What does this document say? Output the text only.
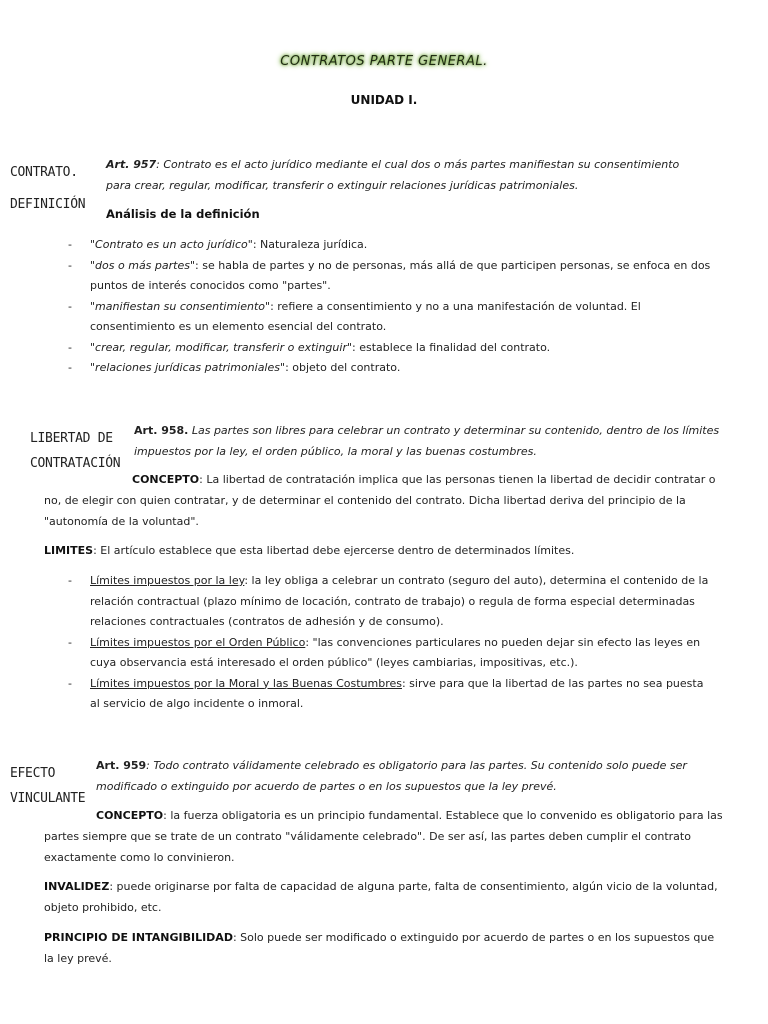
CONTRATOS PARTE GENERAL.
UNIDAD I.
CONTRATO.
DEFINICIÓN
Art. 957: Contrato es el acto jurídico mediante el cual dos o más partes manifiestan su consentimiento para crear, regular, modificar, transferir o extinguir relaciones jurídicas patrimoniales.
Análisis de la definición
- "Contrato es un acto jurídico": Naturaleza jurídica.
- "dos o más partes": se habla de partes y no de personas, más allá de que participen personas, se enfoca en dos puntos de interés conocidos como "partes".
- "manifiestan su consentimiento": refiere a consentimiento y no a una manifestación de voluntad. El consentimiento es un elemento esencial del contrato.
- "crear, regular, modificar, transferir o extinguir": establece la finalidad del contrato.
- "relaciones jurídicas patrimoniales": objeto del contrato.
LIBERTAD DE
CONTRATACIÓN
Art. 958. Las partes son libres para celebrar un contrato y determinar su contenido, dentro de los límites impuestos por la ley, el orden público, la moral y las buenas costumbres.
CONCEPTO: La libertad de contratación implica que las personas tienen la libertad de decidir contratar o no, de elegir con quien contratar, y de determinar el contenido del contrato. Dicha libertad deriva del principio de la "autonomía de la voluntad".
LIMITES: El artículo establece que esta libertad debe ejercerse dentro de determinados límites.
- Límites impuestos por la ley: la ley obliga a celebrar un contrato (seguro del auto), determina el contenido de la relación contractual (plazo mínimo de locación, contrato de trabajo) o regula de forma especial determinadas relaciones contractuales (contratos de adhesión y de consumo).
- Límites impuestos por el Orden Público: "las convenciones particulares no pueden dejar sin efecto las leyes en cuya observancia está interesado el orden público" (leyes cambiarias, impositivas, etc.).
- Límites impuestos por la Moral y las Buenas Costumbres: sirve para que la libertad de las partes no sea puesta al servicio de algo incidente o inmoral.
EFECTO
VINCULANTE
Art. 959: Todo contrato válidamente celebrado es obligatorio para las partes. Su contenido solo puede ser modificado o extinguido por acuerdo de partes o en los supuestos que la ley prevé.
CONCEPTO: la fuerza obligatoria es un principio fundamental. Establece que lo convenido es obligatorio para las partes siempre que se trate de un contrato "válidamente celebrado". De ser así, las partes deben cumplir el contrato exactamente como lo convinieron.
INVALIDEZ: puede originarse por falta de capacidad de alguna parte, falta de consentimiento, algún vicio de la voluntad, objeto prohibido, etc.
PRINCIPIO DE INTANGIBILIDAD: Solo puede ser modificado o extinguido por acuerdo de partes o en los supuestos que la ley prevé.
